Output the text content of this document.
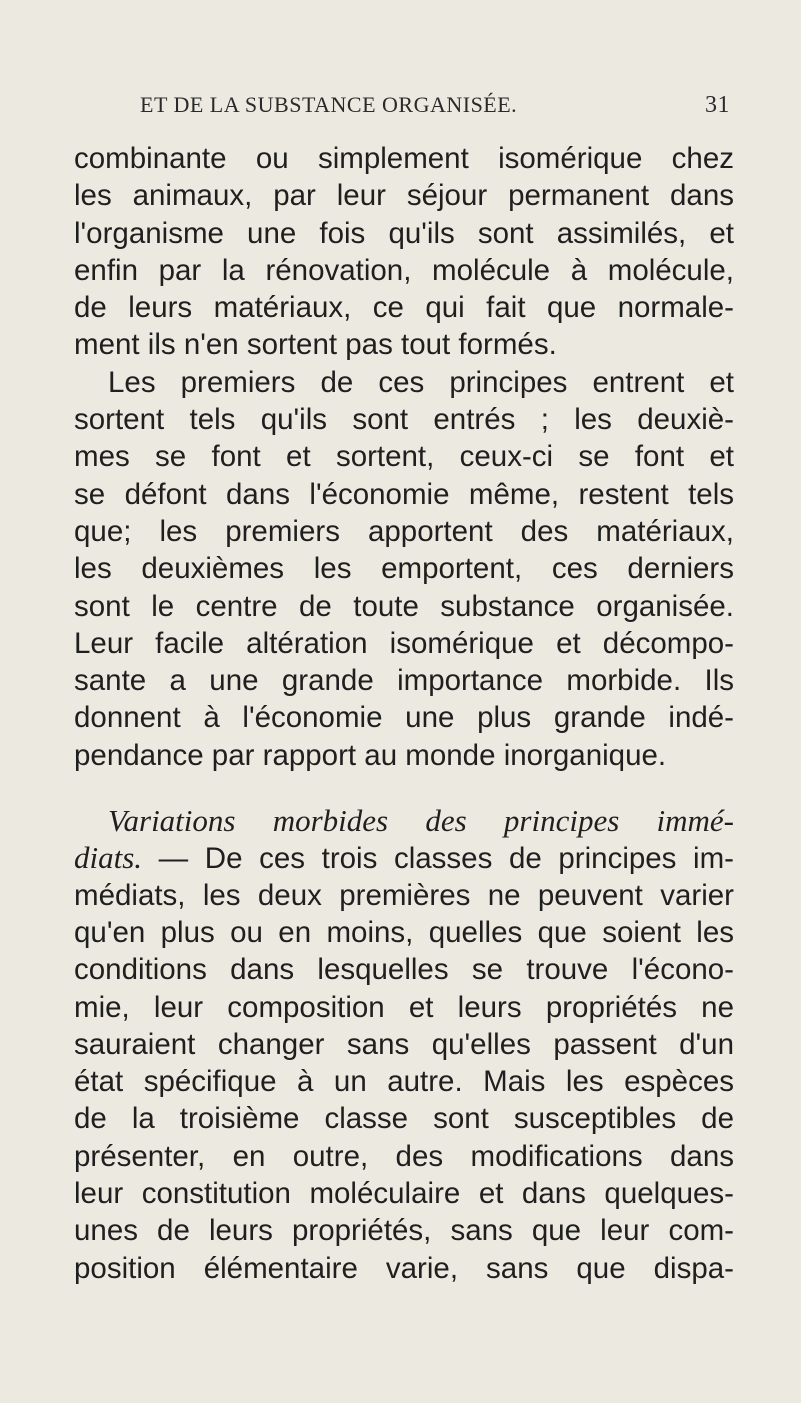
ET DE LA SUBSTANCE ORGANISÉE.	31
combinante ou simplement isomérique chez
les animaux, par leur séjour permanent dans
l'organisme une fois qu'ils sont assimilés, et
enfin par la rénovation, molécule à molécule,
de leurs matériaux, ce qui fait que normale-
ment ils n'en sortent pas tout formés.
Les premiers de ces principes entrent et
sortent tels qu'ils sont entrés ; les deuxiè-
mes se font et sortent, ceux-ci se font et
se défont dans l'économie même, restent tels
que; les premiers apportent des matériaux,
les deuxièmes les emportent, ces derniers
sont le centre de toute substance organisée.
Leur facile altération isomérique et décompo-
sante a une grande importance morbide. Ils
donnent à l'économie une plus grande indé-
pendance par rapport au monde inorganique.
Variations morbides des principes immé-
diats. — De ces trois classes de principes im-
médiats, les deux premières ne peuvent varier
qu'en plus ou en moins, quelles que soient les
conditions dans lesquelles se trouve l'écono-
mie, leur composition et leurs propriétés ne
sauraient changer sans qu'elles passent d'un
état spécifique à un autre. Mais les espèces
de la troisième classe sont susceptibles de
présenter, en outre, des modifications dans
leur constitution moléculaire et dans quelques-
unes de leurs propriétés, sans que leur com-
position élémentaire varie, sans que dispa-
